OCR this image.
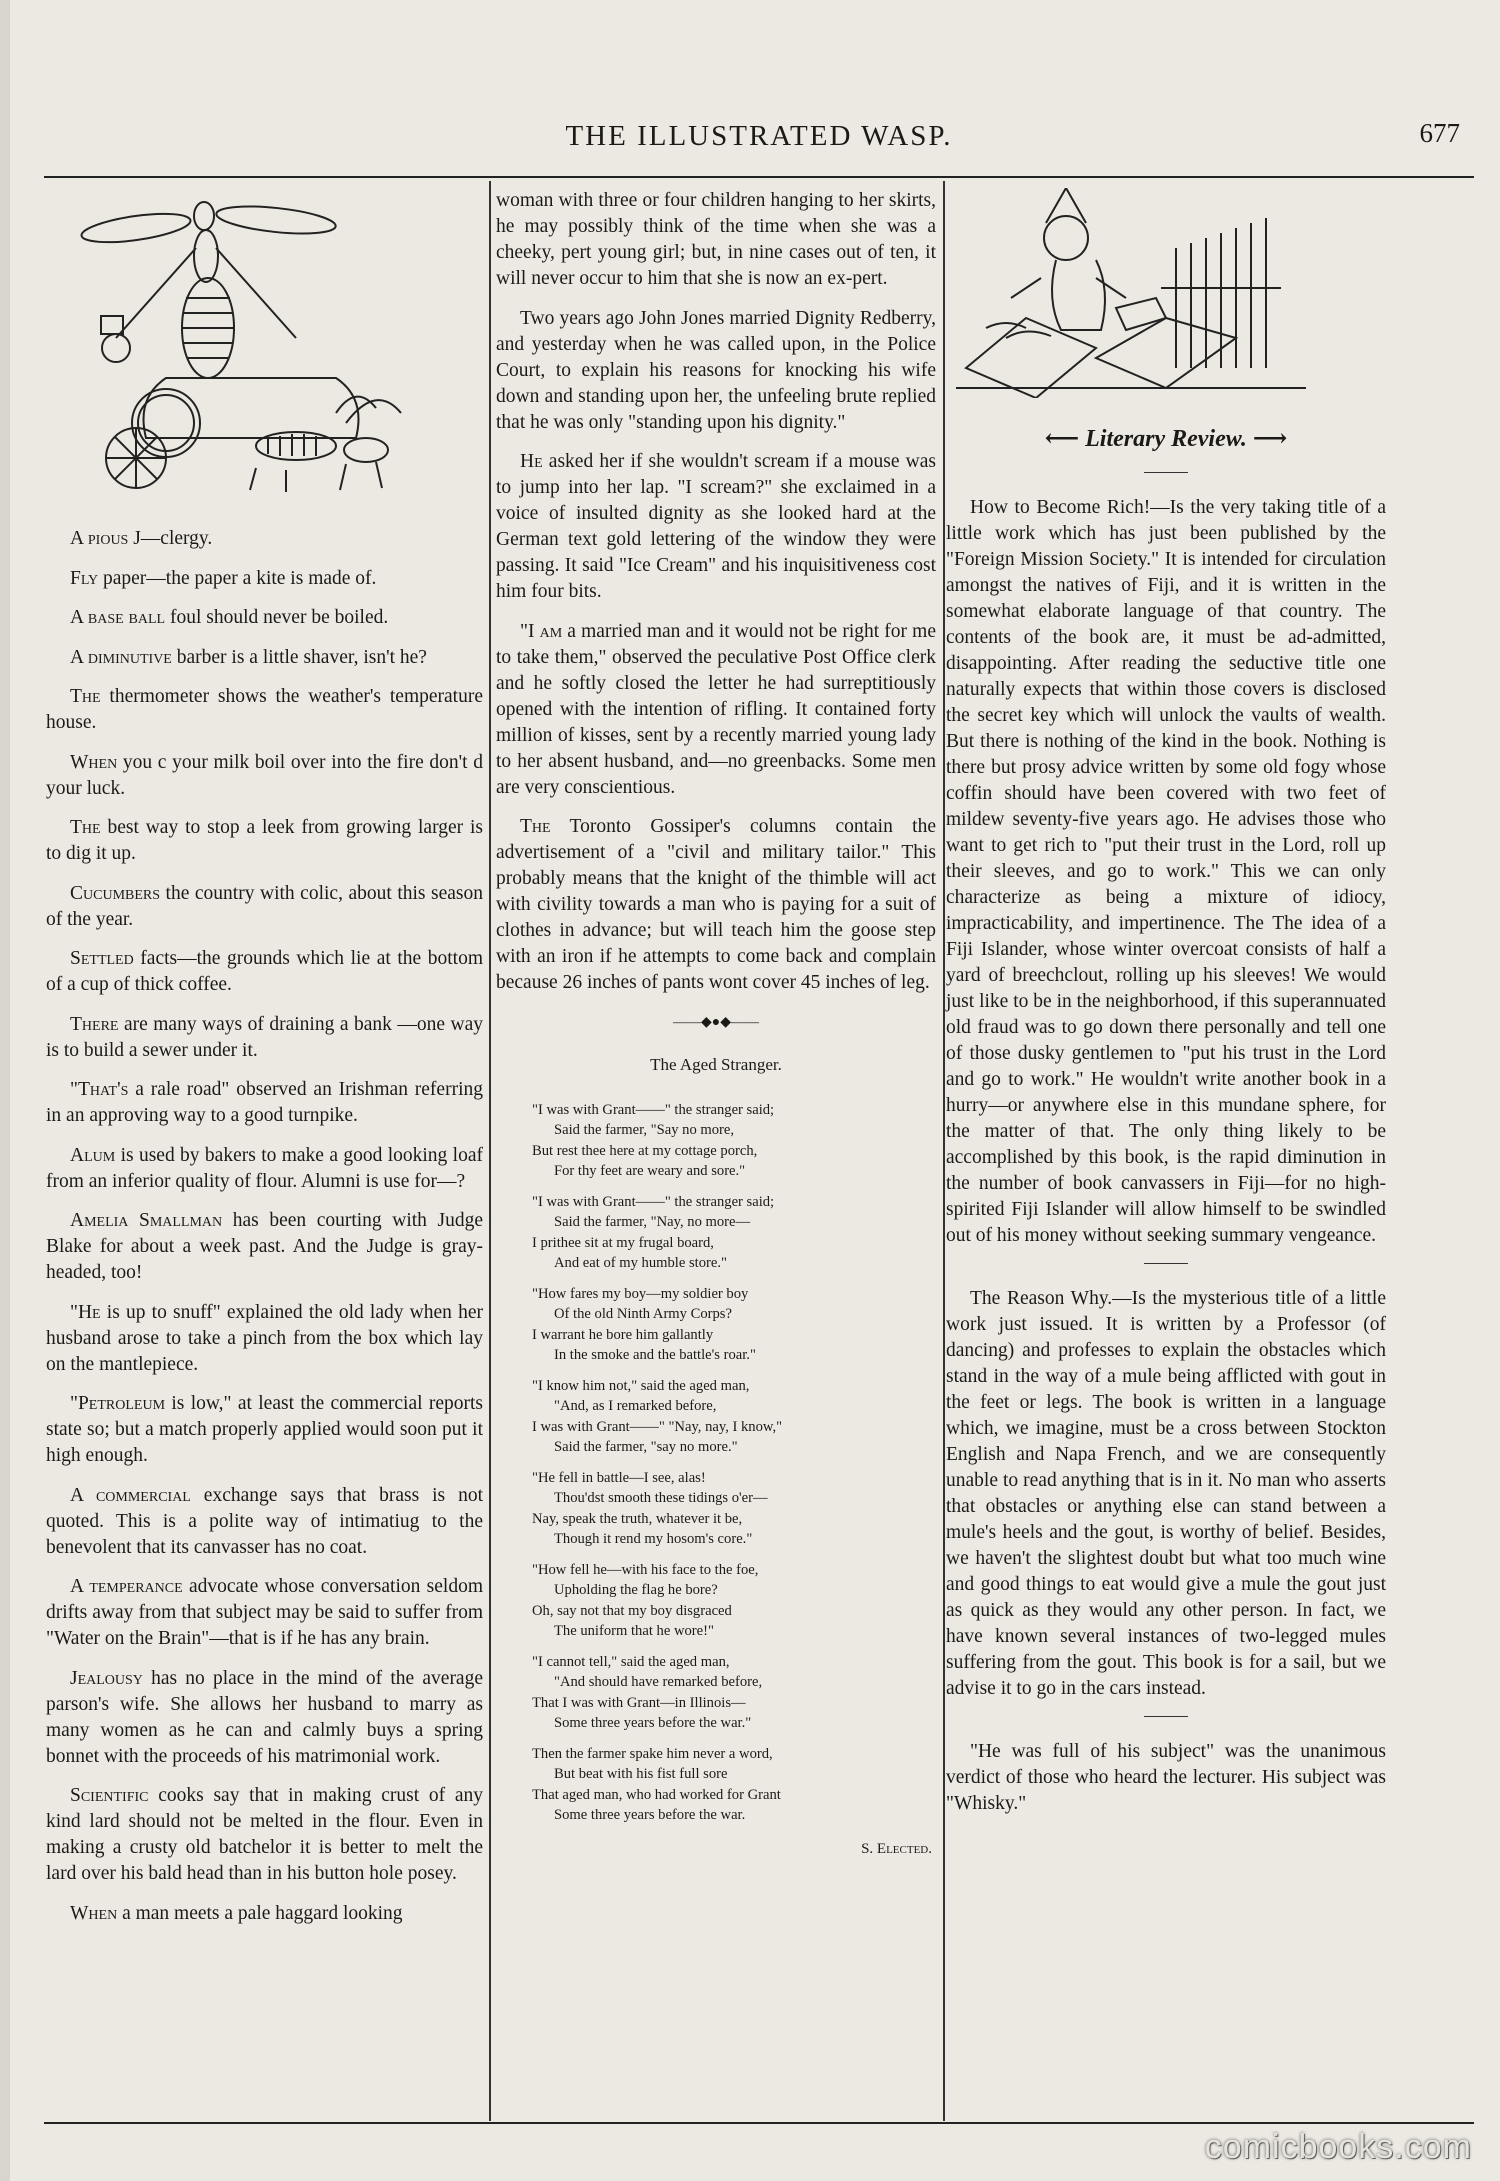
THE ILLUSTRATED WASP.	677

A pious J—clergy.

Fly paper—the paper a kite is made of.

A base ball foul should never be boiled.

A diminutive barber is a little shaver, isn't he?

The thermometer shows the weather's temperature house.

When you c your milk boil over into the fire don't d your luck.

The best way to stop a leek from growing larger is to dig it up.

Cucumbers the country with colic, about this season of the year.

Settled facts—the grounds which lie at the bottom of a cup of thick coffee.

There are many ways of draining a bank —one way is to build a sewer under it.

"That's a rale road" observed an Irishman referring in an approving way to a good turnpike.

Alum is used by bakers to make a good looking loaf from an inferior quality of flour. Alumni is use for—?

Amelia Smallman has been courting with Judge Blake for about a week past. And the Judge is gray-headed, too!

"He is up to snuff" explained the old lady when her husband arose to take a pinch from the box which lay on the mantlepiece.

"Petroleum is low," at least the commercial reports state so; but a match properly applied would soon put it high enough.

A commercial exchange says that brass is not quoted. This is a polite way of intimatiug to the benevolent that its canvasser has no coat.

A temperance advocate whose conversation seldom drifts away from that subject may be said to suffer from "Water on the Brain"—that is if he has any brain.

Jealousy has no place in the mind of the average parson's wife. She allows her husband to marry as many women as he can and calmly buys a spring bonnet with the proceeds of his matrimonial work.

Scientific cooks say that in making crust of any kind lard should not be melted in the flour. Even in making a crusty old batchelor it is better to melt the lard over his bald head than in his button hole posey.

When a man meets a pale haggard looking

woman with three or four children hanging to her skirts, he may possibly think of the time when she was a cheeky, pert young girl; but, in nine cases out of ten, it will never occur to him that she is now an ex-pert.

Two years ago John Jones married Dignity Redberry, and yesterday when he was called upon, in the Police Court, to explain his reasons for knocking his wife down and standing upon her, the unfeeling brute replied that he was only "standing upon his dignity."

He asked her if she wouldn't scream if a mouse was to jump into her lap. "I scream?" she exclaimed in a voice of insulted dignity as she looked hard at the German text gold lettering of the window they were passing. It said "Ice Cream" and his inquisitiveness cost him four bits.

"I am a married man and it would not be right for me to take them," observed the peculative Post Office clerk and he softly closed the letter he had surreptitiously opened with the intention of rifling. It contained forty million of kisses, sent by a recently married young lady to her absent husband, and—no greenbacks. Some men are very conscientious.

The Toronto Gossiper's columns contain the advertisement of a "civil and military tailor." This probably means that the knight of the thimble will act with civility towards a man who is paying for a suit of clothes in advance; but will teach him the goose step with an iron if he attempts to come back and complain because 26 inches of pants wont cover 45 inches of leg.

——◆●◆——
The Aged Stranger.
"I was with Grant——" the stranger said;
Said the farmer, "Say no more,
But rest thee here at my cottage porch,
For thy feet are weary and sore."
"I was with Grant——" the stranger said;
Said the farmer, "Nay, no more—
I prithee sit at my frugal board,
And eat of my humble store."
"How fares my boy—my soldier boy
Of the old Ninth Army Corps?
I warrant he bore him gallantly
In the smoke and the battle's roar."
"I know him not," said the aged man,
"And, as I remarked before,
I was with Grant——" "Nay, nay, I know,"
Said the farmer, "say no more."
"He fell in battle—I see, alas!
Thou'dst smooth these tidings o'er—
Nay, speak the truth, whatever it be,
Though it rend my hosom's core."
"How fell he—with his face to the foe,
Upholding the flag he bore?
Oh, say not that my boy disgraced
The uniform that he wore!"
"I cannot tell," said the aged man,
"And should have remarked before,
That I was with Grant—in Illinois—
Some three years before the war."
Then the farmer spake him never a word,
But beat with his fist full sore
That aged man, who had worked for Grant
Some three years before the war.
S. Elected.
⟵ Literary Review. ⟶

How to Become Rich!—Is the very taking title of a little work which has just been published by the "Foreign Mission Society." It is intended for circulation amongst the natives of Fiji, and it is written in the somewhat elaborate language of that country. The contents of the book are, it must be ad-admitted, disappointing. After reading the seductive title one naturally expects that within those covers is disclosed the secret key which will unlock the vaults of wealth. But there is nothing of the kind in the book. Nothing is there but prosy advice written by some old fogy whose coffin should have been covered with two feet of mildew seventy-five years ago. He advises those who want to get rich to "put their trust in the Lord, roll up their sleeves, and go to work." This we can only characterize as being a mixture of idiocy, impracticability, and impertinence. The The idea of a Fiji Islander, whose winter overcoat consists of half a yard of breechclout, rolling up his sleeves! We would just like to be in the neighborhood, if this superannuated old fraud was to go down there personally and tell one of those dusky gentlemen to "put his trust in the Lord and go to work." He wouldn't write another book in a hurry—or anywhere else in this mundane sphere, for the matter of that. The only thing likely to be accomplished by this book, is the rapid diminution in the number of book canvassers in Fiji—for no high-spirited Fiji Islander will allow himself to be swindled out of his money without seeking summary vengeance.

The Reason Why.—Is the mysterious title of a little work just issued. It is written by a Professor (of dancing) and professes to explain the obstacles which stand in the way of a mule being afflicted with gout in the feet or legs. The book is written in a language which, we imagine, must be a cross between Stockton English and Napa French, and we are consequently unable to read anything that is in it. No man who asserts that obstacles or anything else can stand between a mule's heels and the gout, is worthy of belief. Besides, we haven't the slightest doubt but what too much wine and good things to eat would give a mule the gout just as quick as they would any other person. In fact, we have known several instances of two-legged mules suffering from the gout. This book is for a sail, but we advise it to go in the cars instead.

"He was full of his subject" was the unanimous verdict of those who heard the lecturer. His subject was "Whisky."

comicbooks.com
